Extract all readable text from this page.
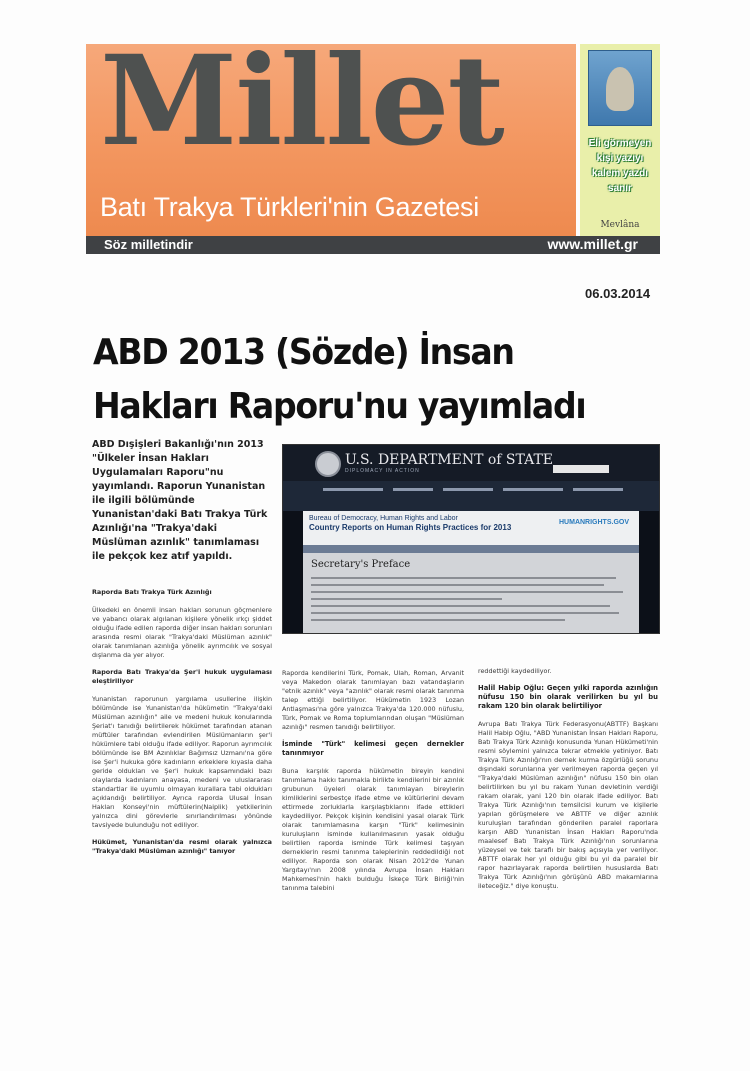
Millet
Batı Trakya Türkleri'nin Gazetesi
Eli görmeyen kişi yazıyı kalem yazdı sanır
Mevlâna
Söz milletindir	www.millet.gr
06.03.2014
ABD 2013 (Sözde) İnsan Hakları Raporu'nu yayımladı
ABD Dışişleri Bakanlığı'nın 2013 "Ülkeler İnsan Hakları Uygulamaları Raporu"nu yayımlandı. Raporun Yunanistan ile ilgili bölümünde Yunanistan'daki Batı Trakya Türk Azınlığı'na "Trakya'daki Müslüman azınlık" tanımlaması ile pekçok kez atıf yapıldı.
U.S. DEPARTMENT of STATE
DIPLOMACY IN ACTION
Bureau of Democracy, Human Rights and Labor
Country Reports on Human Rights Practices for 2013
HUMANRIGHTS.GOV
Secretary's Preface

Raporda Batı Trakya Türk Azınlığı

Ülkedeki en önemli insan hakları sorunun göçmenlere ve yabancı olarak algılanan kişilere yönelik ırkçı şiddet olduğu ifade edilen raporda diğer insan hakları sorunları arasında resmi olarak "Trakya'daki Müslüman azınlık" olarak tanımlanan azınlığa yönelik ayrımcılık ve sosyal dışlanma da yer alıyor.

Raporda Batı Trakya'da Şer'i hukuk uygulaması eleştiriliyor

Yunanistan raporunun yargılama usullerine ilişkin bölümünde ise Yunanistan'da hükümetin "Trakya'daki Müslüman azınlığın" aile ve medeni hukuk konularında Şeriat'ı tanıdığı belirtilerek hükümet tarafından atanan müftüler tarafından evlendirilen Müslümanların şer'i hükümlere tabi olduğu ifade ediliyor. Raporun ayrımcılık bölümünde ise BM Azınlıklar Bağımsız Uzmanı'na göre ise Şer'i hukuka göre kadınların erkeklere kıyasla daha geride oldukları ve Şer'i hukuk kapsamındaki bazı olaylarda kadınların anayasa, medeni ve uluslararası standartlar ile uyumlu olmayan kurallara tabi oldukları açıklandığı belirtiliyor. Ayrıca raporda Ulusal İnsan Hakları Konseyi'nin müftülerin(Naiplik) yetkilerinin yalnızca dini görevlerle sınırlandırılması yönünde tavsiyede bulunduğu not ediliyor.

Hükümet, Yunanistan'da resmi olarak yalnızca "Trakya'daki Müslüman azınlığı" tanıyor

Raporda kendilerini Türk, Pomak, Ulah, Roman, Arvanit veya Makedon olarak tanımlayan bazı vatandaşların "etnik azınlık" veya "azınlık" olarak resmi olarak tanınma talep ettiği belirtiliyor. Hükümetin 1923 Lozan Antlaşması'na göre yalnızca Trakya'da 120.000 nüfuslu, Türk, Pomak ve Roma toplumlarından oluşan "Müslüman azınlığı" resmen tanıdığı belirtiliyor.

İsminde "Türk" kelimesi geçen dernekler tanınmıyor

Buna karşılık raporda hükümetin bireyin kendini tanımlama hakkı tanımakla birlikte kendilerini bir azınlık grubunun üyeleri olarak tanımlayan bireylerin kimliklerini serbestçe ifade etme ve kültürlerini devam ettirmede zorluklarla karşılaştıklarını ifade ettikleri kaydediliyor. Pekçok kişinin kendisini yasal olarak Türk olarak tanımlamasına karşın "Türk" kelimesinin kuruluşların isminde kullanılmasının yasak olduğu belirtilen raporda isminde Türk kelimesi taşıyan derneklerin resmi tanınma taleplerinin reddedildiği not ediliyor. Raporda son olarak Nisan 2012'de Yunan Yargıtayı'nın 2008 yılında Avrupa İnsan Hakları Mahkemesi'nin haklı bulduğu İskeçe Türk Birliği'nin tanınma talebini

reddettiği kaydediliyor.

Halil Habip Oğlu: Geçen yılki raporda azınlığın nüfusu 150 bin olarak verilirken bu yıl bu rakam 120 bin olarak belirtiliyor

Avrupa Batı Trakya Türk Federasyonu(ABTTF) Başkanı Halil Habip Oğlu, "ABD Yunanistan İnsan Hakları Raporu, Batı Trakya Türk Azınlığı konusunda Yunan Hükümeti'nin resmi söylemini yalnızca tekrar etmekle yetiniyor. Batı Trakya Türk Azınlığı'nın dernek kurma özgürlüğü sorunu dışındaki sorunlarına yer verilmeyen raporda geçen yıl "Trakya'daki Müslüman azınlığın" nüfusu 150 bin olan belirtilirken bu yıl bu rakam Yunan devletinin verdiği rakam olarak, yani 120 bin olarak ifade ediliyor. Batı Trakya Türk Azınlığı'nın temsilcisi kurum ve kişilerle yapılan görüşmelere ve ABTTF ve diğer azınlık kuruluşları tarafından gönderilen paralel raporlara karşın ABD Yunanistan İnsan Hakları Raporu'nda maalesef Batı Trakya Türk Azınlığı'nın sorunlarına yüzeysel ve tek taraflı bir bakış açısıyla yer veriliyor. ABTTF olarak her yıl olduğu gibi bu yıl da paralel bir rapor hazırlayarak raporda belirtilen hususlarda Batı Trakya Türk Azınlığı'nın görüşünü ABD makamlarına ileteceğiz." diye konuştu.
